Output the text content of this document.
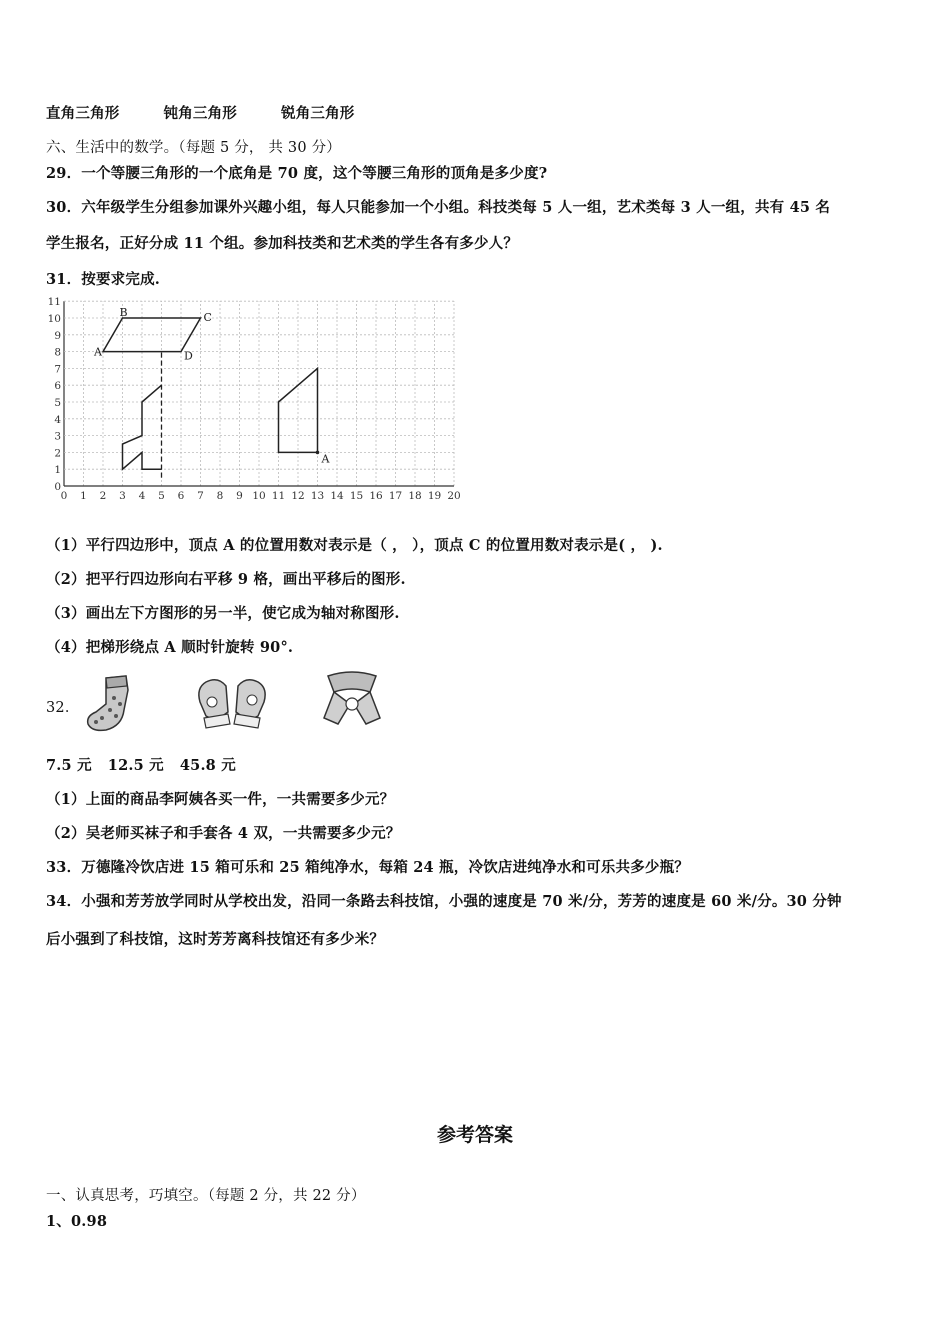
直角三角形	钝角三角形	锐角三角形
六、生活中的数学。（每题 5 分， 共 30 分）
29．一个等腰三角形的一个底角是 70 度，这个等腰三角形的顶角是多少度?
30．六年级学生分组参加课外兴趣小组，每人只能参加一个小组。科技类每 5 人一组，艺术类每 3 人一组，共有 45 名
学生报名，正好分成 11 个组。参加科技类和艺术类的学生各有多少人？
31．按要求完成.
0 1 2 3 4 5 6 7 8 9 10 11 12 13 14 15 16 17 18 19 20
0
1
2
3
4
5
6
7
8
9
10
11
A
B	C
D
A
（1）平行四边形中，顶点 A 的位置用数对表示是（ ， ），顶点 C 的位置用数对表示是( ， ).
（2）把平行四边形向右平移 9 格，画出平移后的图形.
（3）画出左下方图形的另一半，使它成为轴对称图形.
（4）把梯形绕点 A 顺时针旋转 90°.
32．
7.5 元 12.5 元 45.8 元
（1）上面的商品李阿姨各买一件，一共需要多少元？
（2）吴老师买袜子和手套各 4 双，一共需要多少元？
33．万德隆冷饮店进 15 箱可乐和 25 箱纯净水，每箱 24 瓶，冷饮店进纯净水和可乐共多少瓶？
34．小强和芳芳放学同时从学校出发，沿同一条路去科技馆，小强的速度是 70 米/分，芳芳的速度是 60 米/分。30 分钟
后小强到了科技馆，这时芳芳离科技馆还有多少米？
参考答案
一、认真思考，巧填空。（每题 2 分，共 22 分）
1、0.98
